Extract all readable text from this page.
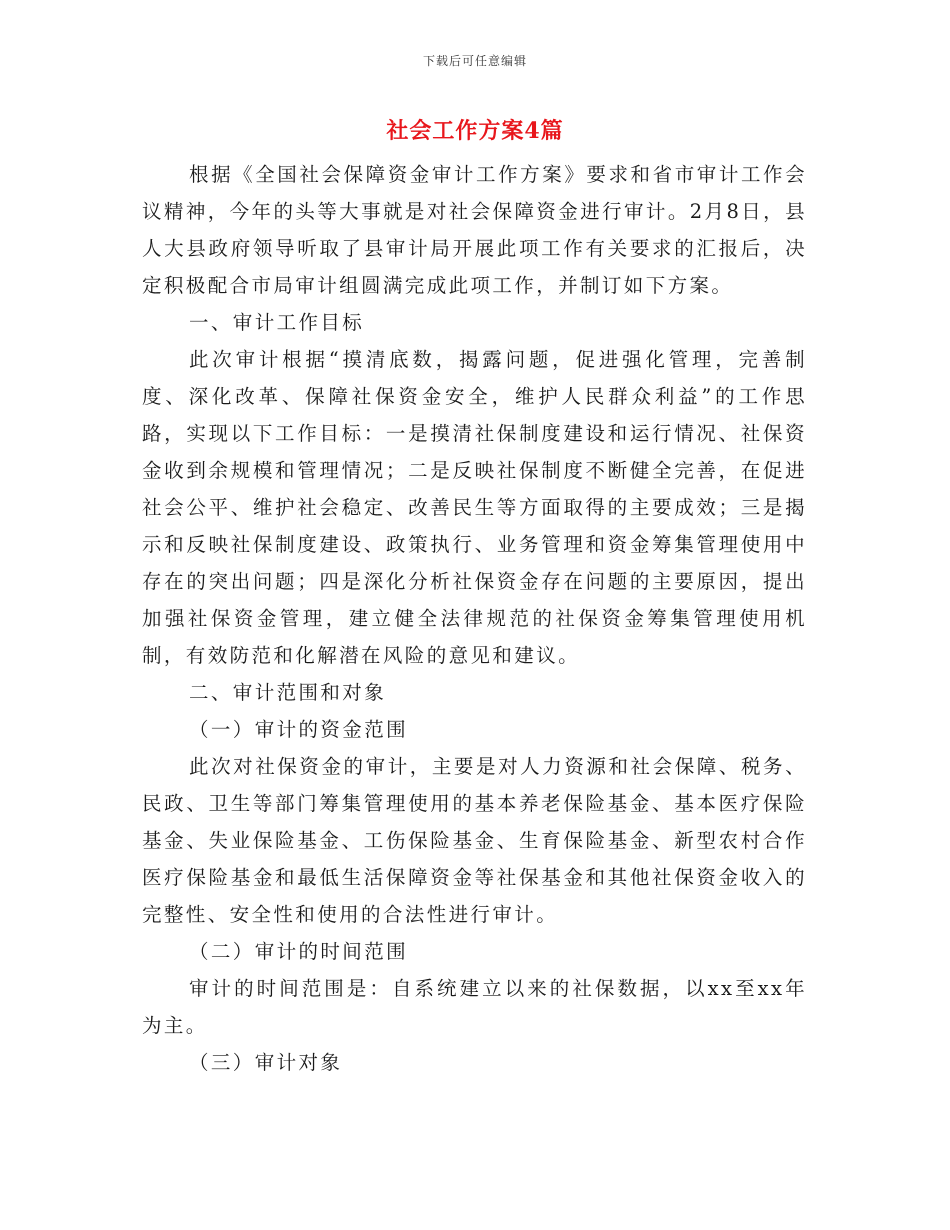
下载后可任意编辑
社会工作方案4篇

根据《全国社会保障资金审计工作方案》要求和省市审计工作会议精神，今年的头等大事就是对社会保障资金进行审计。2月8日，县人大县政府领导听取了县审计局开展此项工作有关要求的汇报后，决定积极配合市局审计组圆满完成此项工作，并制订如下方案。

一、审计工作目标

此次审计根据“摸清底数，揭露问题，促进强化管理，完善制度、深化改革、保障社保资金安全，维护人民群众利益”的工作思路，实现以下工作目标：一是摸清社保制度建设和运行情况、社保资金收到余规模和管理情况；二是反映社保制度不断健全完善，在促进社会公平、维护社会稳定、改善民生等方面取得的主要成效；三是揭示和反映社保制度建设、政策执行、业务管理和资金筹集管理使用中存在的突出问题；四是深化分析社保资金存在问题的主要原因，提出加强社保资金管理，建立健全法律规范的社保资金筹集管理使用机制，有效防范和化解潜在风险的意见和建议。

二、审计范围和对象

（一）审计的资金范围

此次对社保资金的审计，主要是对人力资源和社会保障、税务、民政、卫生等部门筹集管理使用的基本养老保险基金、基本医疗保险基金、失业保险基金、工伤保险基金、生育保险基金、新型农村合作医疗保险基金和最低生活保障资金等社保基金和其他社保资金收入的完整性、安全性和使用的合法性进行审计。

（二）审计的时间范围

审计的时间范围是：自系统建立以来的社保数据，以xx至xx年为主。

（三）审计对象
